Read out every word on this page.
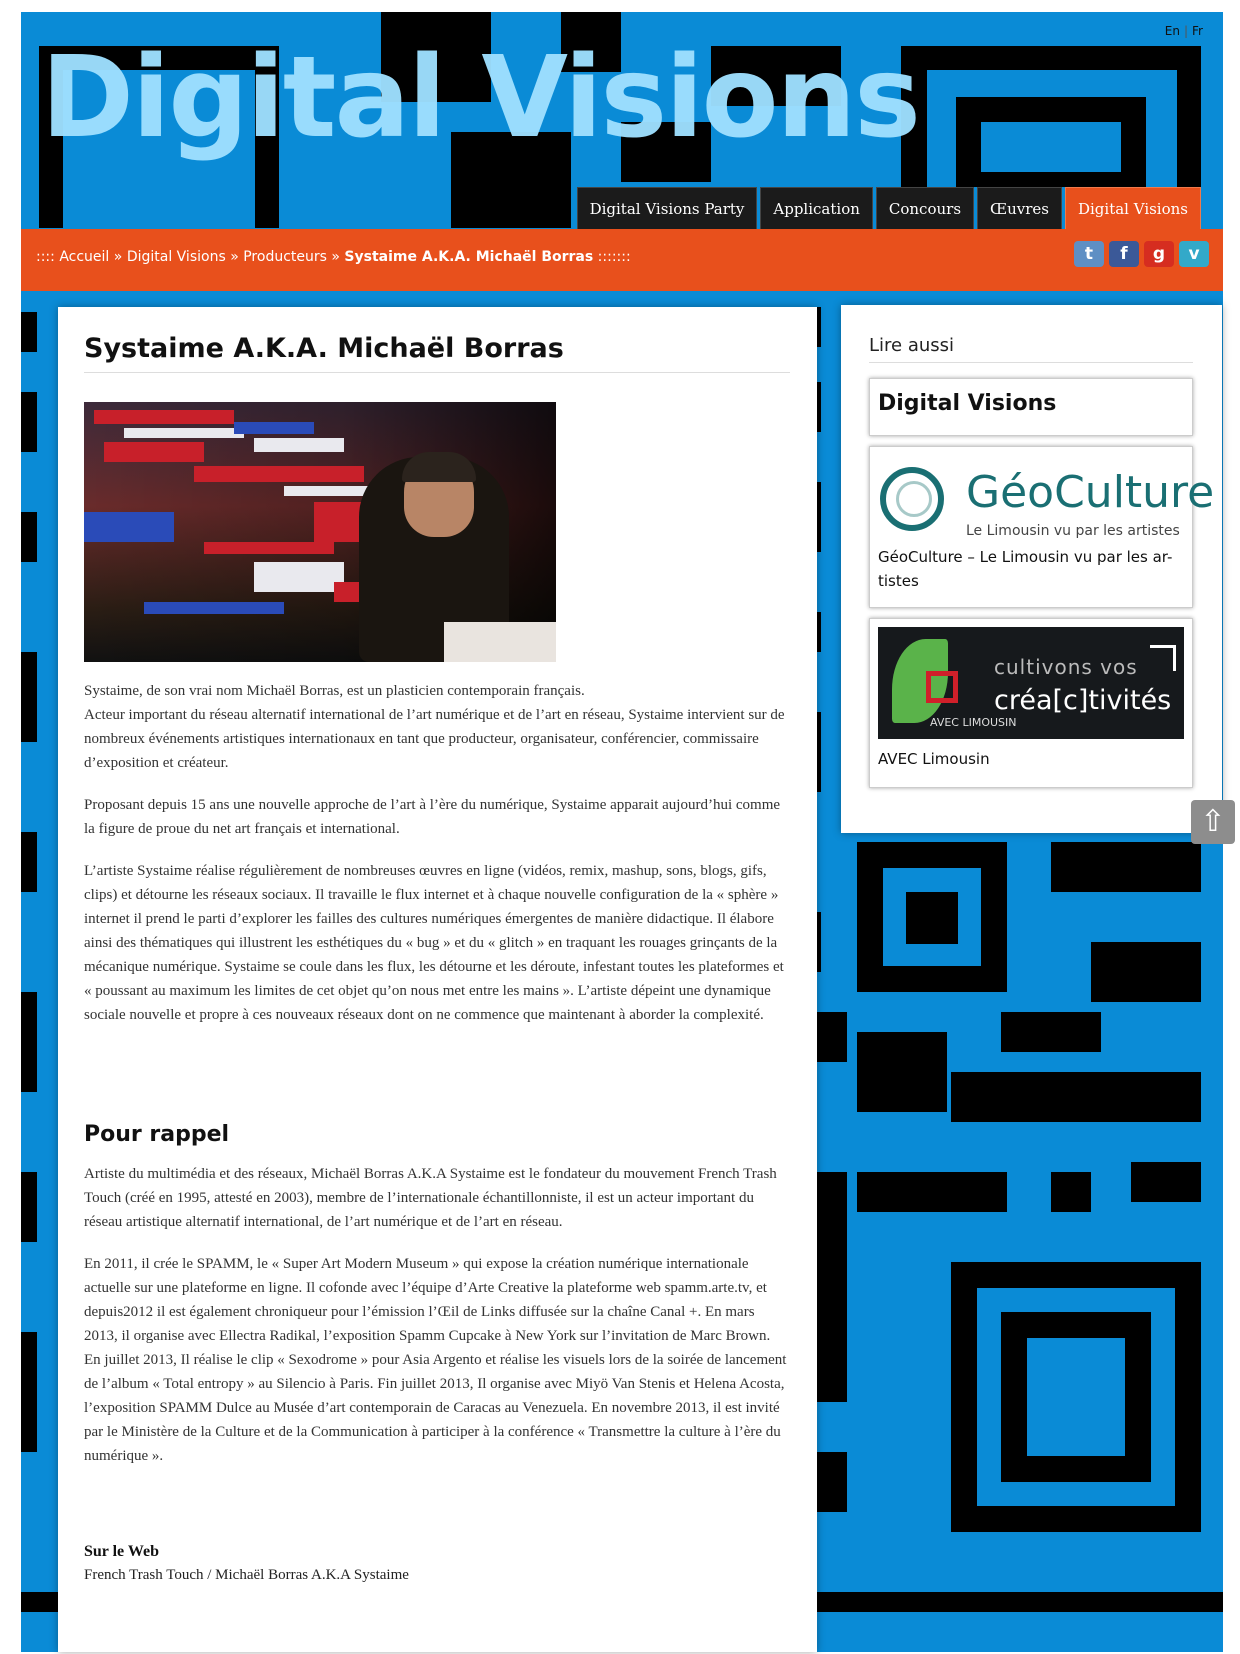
Digital Visions
En | Fr
Digital Visions Party	Application	Concours	Œuvres	Digital Visions
:::: Accueil » Digital Visions » Producteurs » Systaime A.K.A. Michaël Borras :::::::	t	f	g	v
Systaime A.K.A. Michaël Borras

Systaime, de son vrai nom Michaël Borras, est un plasticien contemporain français.
Acteur important du réseau alternatif international de l’art numérique et de l’art en réseau, Systaime intervient sur de nombreux événements artistiques internationaux en tant que producteur, organisateur, conférencier, commissaire d’exposition et créateur.

Proposant depuis 15 ans une nouvelle approche de l’art à l’ère du numérique, Systaime apparait aujourd’hui comme la figure de proue du net art français et international.

L’artiste Systaime réalise régulièrement de nombreuses œuvres en ligne (vidéos, remix, mashup, sons, blogs, gifs, clips) et détourne les réseaux sociaux. Il travaille le flux internet et à chaque nouvelle configuration de la « sphère » internet il prend le parti d’explorer les failles des cultures numériques émergentes de manière didactique. Il élabore ainsi des thématiques qui illustrent les esthétiques du « bug » et du « glitch » en traquant les rouages grinçants de la mécanique numérique. Systaime se coule dans les flux, les détourne et les déroute, infestant toutes les plateformes et « poussant au maximum les limites de cet objet qu’on nous met entre les mains ». L’artiste dépeint une dynamique sociale nouvelle et propre à ces nouveaux réseaux dont on ne commence que maintenant à aborder la complexité.

Pour rappel

Artiste du multimédia et des réseaux, Michaël Borras A.K.A Systaime est le fondateur du mouvement French Trash Touch (créé en 1995, attesté en 2003), membre de l’internationale échantillonniste, il est un acteur important du réseau artistique alternatif international, de l’art numérique et de l’art en réseau.

En 2011, il crée le SPAMM, le « Super Art Modern Museum » qui expose la création numérique internationale actuelle sur une plateforme en ligne. Il cofonde avec l’équipe d’Arte Creative la plateforme web spamm.arte.tv, et depuis2012 il est également chroniqueur pour l’émission l’Œil de Links diffusée sur la chaîne Canal +. En mars 2013, il organise avec Ellectra Radikal, l’exposition Spamm Cupcake à New York sur l’invitation de Marc Brown. En juillet 2013, Il réalise le clip « Sexodrome » pour Asia Argento et réalise les visuels lors de la soirée de lancement de l’album « Total entropy » au Silencio à Paris. Fin juillet 2013, Il organise avec Miyö Van Stenis et Helena Acosta, l’exposition SPAMM Dulce au Musée d’art contemporain de Caracas au Venezuela. En novembre 2013, il est invité par le Ministère de la Culture et de la Communication à participer à la conférence « Transmettre la culture à l’ère du numérique ».

Sur le Web
French Trash Touch / Michaël Borras A.K.A Systaime
Lire aussi
Digital Visions
GéoCulture
Le Limousin vu par les artistes
GéoCulture – Le Limousin vu par les ar-tistes
AVEC LIMOUSIN
cultivons vos
créa[c]tivités
AVEC Limousin
⇧
